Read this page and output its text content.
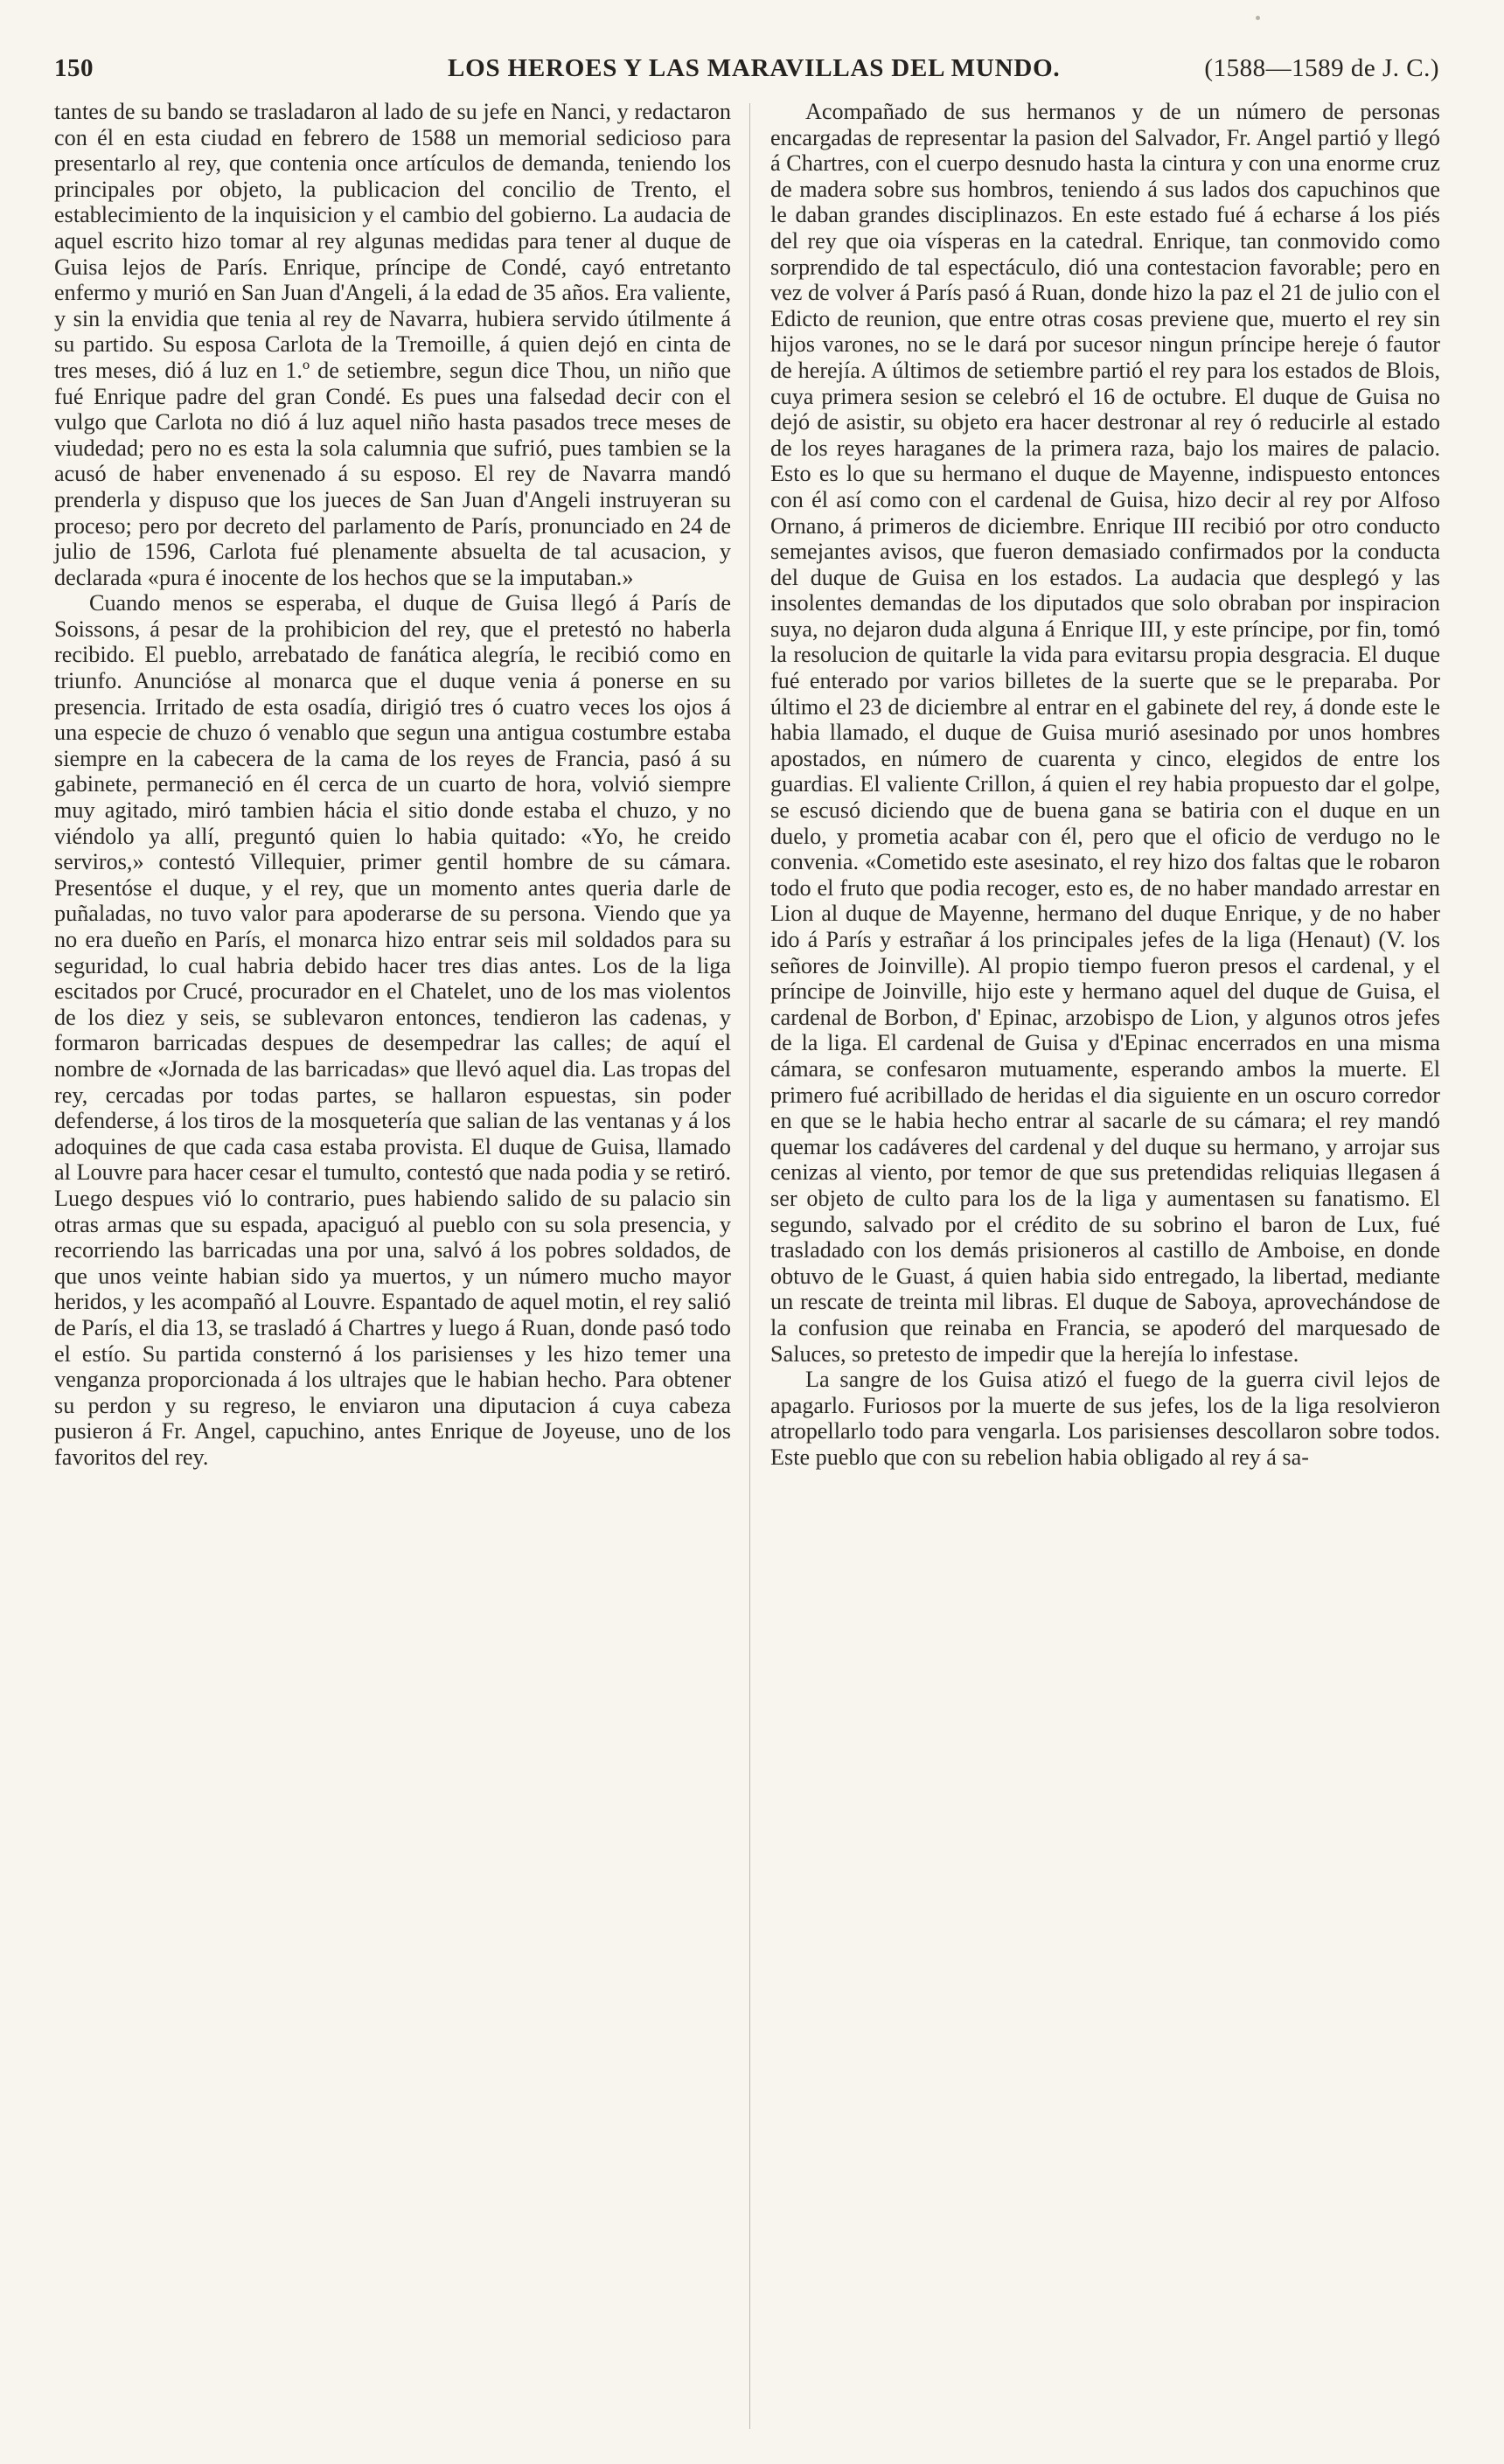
150	LOS HEROES Y LAS MARAVILLAS DEL MUNDO.	(1588—1589 de J. C.)

tantes de su bando se trasladaron al lado de su jefe en Nanci, y redactaron con él en esta ciudad en febrero de 1588 un memorial sedicioso para presentarlo al rey, que contenia once artículos de demanda, teniendo los principales por objeto, la publicacion del concilio de Trento, el establecimiento de la inquisicion y el cambio del gobierno. La audacia de aquel escrito hizo tomar al rey algunas medidas para tener al duque de Guisa lejos de París. Enrique, príncipe de Condé, cayó entretanto enfermo y murió en San Juan d'Angeli, á la edad de 35 años. Era valiente, y sin la envidia que tenia al rey de Navarra, hubiera servido útilmente á su partido. Su esposa Carlota de la Tremoille, á quien dejó en cinta de tres meses, dió á luz en 1.º de setiembre, segun dice Thou, un niño que fué Enrique padre del gran Condé. Es pues una falsedad decir con el vulgo que Carlota no dió á luz aquel niño hasta pasados trece meses de viudedad; pero no es esta la sola calumnia que sufrió, pues tambien se la acusó de haber envenenado á su esposo. El rey de Navarra mandó prenderla y dispuso que los jueces de San Juan d'Angeli instruyeran su proceso; pero por decreto del parlamento de París, pronunciado en 24 de julio de 1596, Carlota fué plenamente absuelta de tal acusacion, y declarada «pura é inocente de los hechos que se la imputaban.»

Cuando menos se esperaba, el duque de Guisa llegó á París de Soissons, á pesar de la prohibicion del rey, que el pretestó no haberla recibido. El pueblo, arrebatado de fanática alegría, le recibió como en triunfo. Anuncióse al monarca que el duque venia á ponerse en su presencia. Irritado de esta osadía, dirigió tres ó cuatro veces los ojos á una especie de chuzo ó venablo que segun una antigua costumbre estaba siempre en la cabecera de la cama de los reyes de Francia, pasó á su gabinete, permaneció en él cerca de un cuarto de hora, volvió siempre muy agitado, miró tambien hácia el sitio donde estaba el chuzo, y no viéndolo ya allí, preguntó quien lo habia quitado: «Yo, he creido serviros,» contestó Villequier, primer gentil hombre de su cámara. Presentóse el duque, y el rey, que un momento antes queria darle de puñaladas, no tuvo valor para apoderarse de su persona. Viendo que ya no era dueño en París, el monarca hizo entrar seis mil soldados para su seguridad, lo cual habria debido hacer tres dias antes. Los de la liga escitados por Crucé, procurador en el Chatelet, uno de los mas violentos de los diez y seis, se sublevaron entonces, tendieron las cadenas, y formaron barricadas despues de desempedrar las calles; de aquí el nombre de «Jornada de las barricadas» que llevó aquel dia. Las tropas del rey, cercadas por todas partes, se hallaron espuestas, sin poder defenderse, á los tiros de la mosquetería que salian de las ventanas y á los adoquines de que cada casa estaba provista. El duque de Guisa, llamado al Louvre para hacer cesar el tumulto, contestó que nada podia y se retiró. Luego despues vió lo contrario, pues habiendo salido de su palacio sin otras armas que su espada, apaciguó al pueblo con su sola presencia, y recorriendo las barricadas una por una, salvó á los pobres soldados, de que unos veinte habian sido ya muertos, y un número mucho mayor heridos, y les acompañó al Louvre. Espantado de aquel motin, el rey salió de París, el dia 13, se trasladó á Chartres y luego á Ruan, donde pasó todo el estío. Su partida consternó á los parisienses y les hizo temer una venganza proporcionada á los ultrajes que le habian hecho. Para obtener su perdon y su regreso, le enviaron una diputacion á cuya cabeza pusieron á Fr. Angel, capuchino, antes Enrique de Joyeuse, uno de los favoritos del rey.

Acompañado de sus hermanos y de un número de personas encargadas de representar la pasion del Salvador, Fr. Angel partió y llegó á Chartres, con el cuerpo desnudo hasta la cintura y con una enorme cruz de madera sobre sus hombros, teniendo á sus lados dos capuchinos que le daban grandes disciplinazos. En este estado fué á echarse á los piés del rey que oia vísperas en la catedral. Enrique, tan conmovido como sorprendido de tal espectáculo, dió una contestacion favorable; pero en vez de volver á París pasó á Ruan, donde hizo la paz el 21 de julio con el Edicto de reunion, que entre otras cosas previene que, muerto el rey sin hijos varones, no se le dará por sucesor ningun príncipe hereje ó fautor de herejía. A últimos de setiembre partió el rey para los estados de Blois, cuya primera sesion se celebró el 16 de octubre. El duque de Guisa no dejó de asistir, su objeto era hacer destronar al rey ó reducirle al estado de los reyes haraganes de la primera raza, bajo los maires de palacio. Esto es lo que su hermano el duque de Mayenne, indispuesto entonces con él así como con el cardenal de Guisa, hizo decir al rey por Alfoso Ornano, á primeros de diciembre. Enrique III recibió por otro conducto semejantes avisos, que fueron demasiado confirmados por la conducta del duque de Guisa en los estados. La audacia que desplegó y las insolentes demandas de los diputados que solo obraban por inspiracion suya, no dejaron duda alguna á Enrique III, y este príncipe, por fin, tomó la resolucion de quitarle la vida para evitarsu propia desgracia. El duque fué enterado por varios billetes de la suerte que se le preparaba. Por último el 23 de diciembre al entrar en el gabinete del rey, á donde este le habia llamado, el duque de Guisa murió asesinado por unos hombres apostados, en número de cuarenta y cinco, elegidos de entre los guardias. El valiente Crillon, á quien el rey habia propuesto dar el golpe, se escusó diciendo que de buena gana se batiria con el duque en un duelo, y prometia acabar con él, pero que el oficio de verdugo no le convenia. «Cometido este asesinato, el rey hizo dos faltas que le robaron todo el fruto que podia recoger, esto es, de no haber mandado arrestar en Lion al duque de Mayenne, hermano del duque Enrique, y de no haber ido á París y estrañar á los principales jefes de la liga (Henaut) (V. los señores de Joinville). Al propio tiempo fueron presos el cardenal, y el príncipe de Joinville, hijo este y hermano aquel del duque de Guisa, el cardenal de Borbon, d' Epinac, arzobispo de Lion, y algunos otros jefes de la liga. El cardenal de Guisa y d'Epinac encerrados en una misma cámara, se confesaron mutuamente, esperando ambos la muerte. El primero fué acribillado de heridas el dia siguiente en un oscuro corredor en que se le habia hecho entrar al sacarle de su cámara; el rey mandó quemar los cadáveres del cardenal y del duque su hermano, y arrojar sus cenizas al viento, por temor de que sus pretendidas reliquias llegasen á ser objeto de culto para los de la liga y aumentasen su fanatismo. El segundo, salvado por el crédito de su sobrino el baron de Lux, fué trasladado con los demás prisioneros al castillo de Amboise, en donde obtuvo de le Guast, á quien habia sido entregado, la libertad, mediante un rescate de treinta mil libras. El duque de Saboya, aprovechándose de la confusion que reinaba en Francia, se apoderó del marquesado de Saluces, so pretesto de impedir que la herejía lo infestase.

La sangre de los Guisa atizó el fuego de la guerra civil lejos de apagarlo. Furiosos por la muerte de sus jefes, los de la liga resolvieron atropellarlo todo para vengarla. Los parisienses descollaron sobre todos. Este pueblo que con su rebelion habia obligado al rey á sa-
